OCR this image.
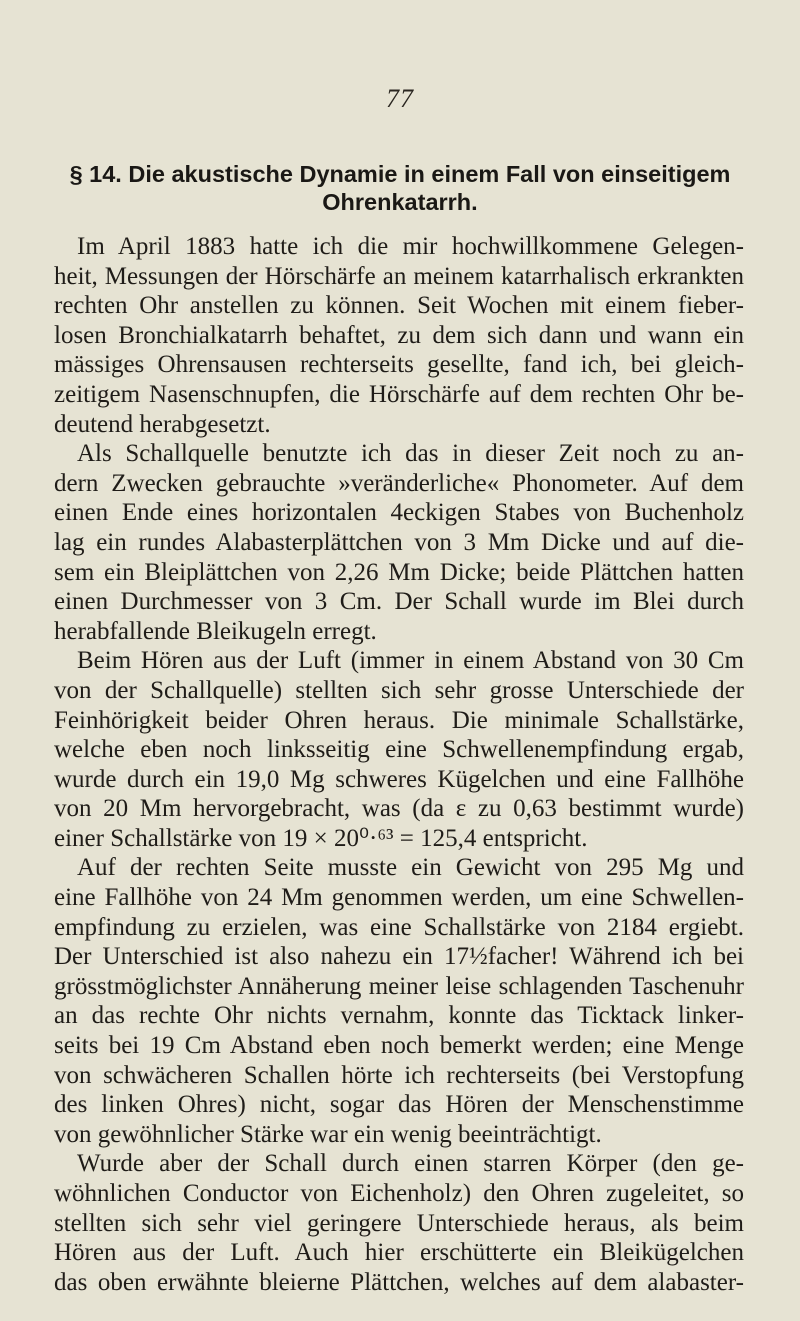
77
§ 14. Die akustische Dynamie in einem Fall von einseitigem
Ohrenkatarrh.
Im April 1883 hatte ich die mir hochwillkommene Gelegen-
heit, Messungen der Hörschärfe an meinem katarrhalisch erkrankten
rechten Ohr anstellen zu können. Seit Wochen mit einem fieber-
losen Bronchialkatarrh behaftet, zu dem sich dann und wann ein
mässiges Ohrensausen rechterseits gesellte, fand ich, bei gleich-
zeitigem Nasenschnupfen, die Hörschärfe auf dem rechten Ohr be-
deutend herabgesetzt.
Als Schallquelle benutzte ich das in dieser Zeit noch zu an-
dern Zwecken gebrauchte »veränderliche« Phonometer. Auf dem
einen Ende eines horizontalen 4eckigen Stabes von Buchenholz
lag ein rundes Alabasterplättchen von 3 Mm Dicke und auf die-
sem ein Bleiplättchen von 2,26 Mm Dicke; beide Plättchen hatten
einen Durchmesser von 3 Cm. Der Schall wurde im Blei durch
herabfallende Bleikugeln erregt.
Beim Hören aus der Luft (immer in einem Abstand von 30 Cm
von der Schallquelle) stellten sich sehr grosse Unterschiede der
Feinhörigkeit beider Ohren heraus. Die minimale Schallstärke,
welche eben noch linksseitig eine Schwellenempfindung ergab,
wurde durch ein 19,0 Mg schweres Kügelchen und eine Fallhöhe
von 20 Mm hervorgebracht, was (da ε zu 0,63 bestimmt wurde)
einer Schallstärke von 19 × 20⁰·⁶³ = 125,4 entspricht.
Auf der rechten Seite musste ein Gewicht von 295 Mg und
eine Fallhöhe von 24 Mm genommen werden, um eine Schwellen-
empfindung zu erzielen, was eine Schallstärke von 2184 ergiebt.
Der Unterschied ist also nahezu ein 17½facher! Während ich bei
grösstmöglichster Annäherung meiner leise schlagenden Taschenuhr
an das rechte Ohr nichts vernahm, konnte das Ticktack linker-
seits bei 19 Cm Abstand eben noch bemerkt werden; eine Menge
von schwächeren Schallen hörte ich rechterseits (bei Verstopfung
des linken Ohres) nicht, sogar das Hören der Menschenstimme
von gewöhnlicher Stärke war ein wenig beeinträchtigt.
Wurde aber der Schall durch einen starren Körper (den ge-
wöhnlichen Conductor von Eichenholz) den Ohren zugeleitet, so
stellten sich sehr viel geringere Unterschiede heraus, als beim
Hören aus der Luft. Auch hier erschütterte ein Bleikügelchen
das oben erwähnte bleierne Plättchen, welches auf dem alabaster-
